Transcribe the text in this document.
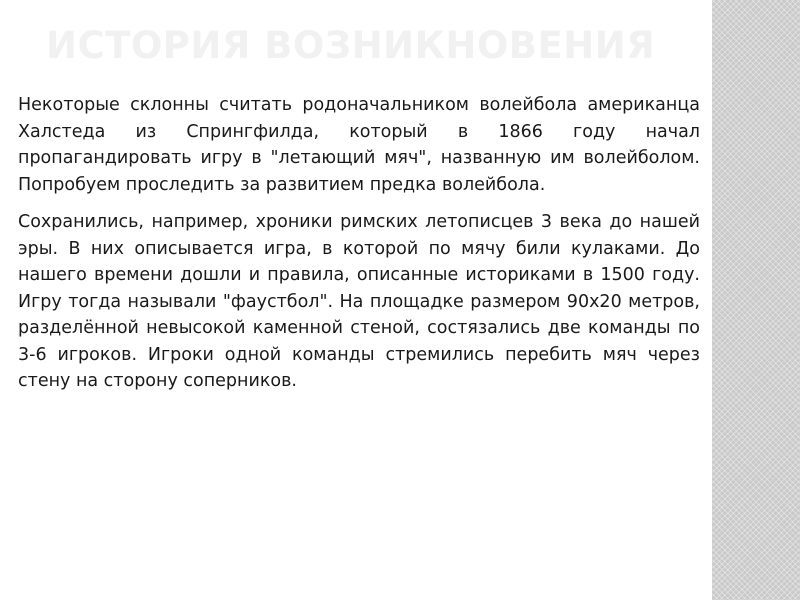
ИСТОРИЯ ВОЗНИКНОВЕНИЯ

Некоторые склонны считать родоначальником волейбола американца Халстеда из Спрингфилда, который в 1866 году начал пропагандировать игру в "летающий мяч", названную им волейболом. Попробуем проследить за развитием предка волейбола.

Сохранились, например, хроники римских летописцев 3 века до нашей эры. В них описывается игра, в которой по мячу били кулаками. До нашего времени дошли и правила, описанные историками в 1500 году. Игру тогда называли "фаустбол". На площадке размером 90х20 метров, разделённой невысокой каменной стеной, состязались две команды по 3-6 игроков. Игроки одной команды стремились перебить мяч через стену на сторону соперников.
